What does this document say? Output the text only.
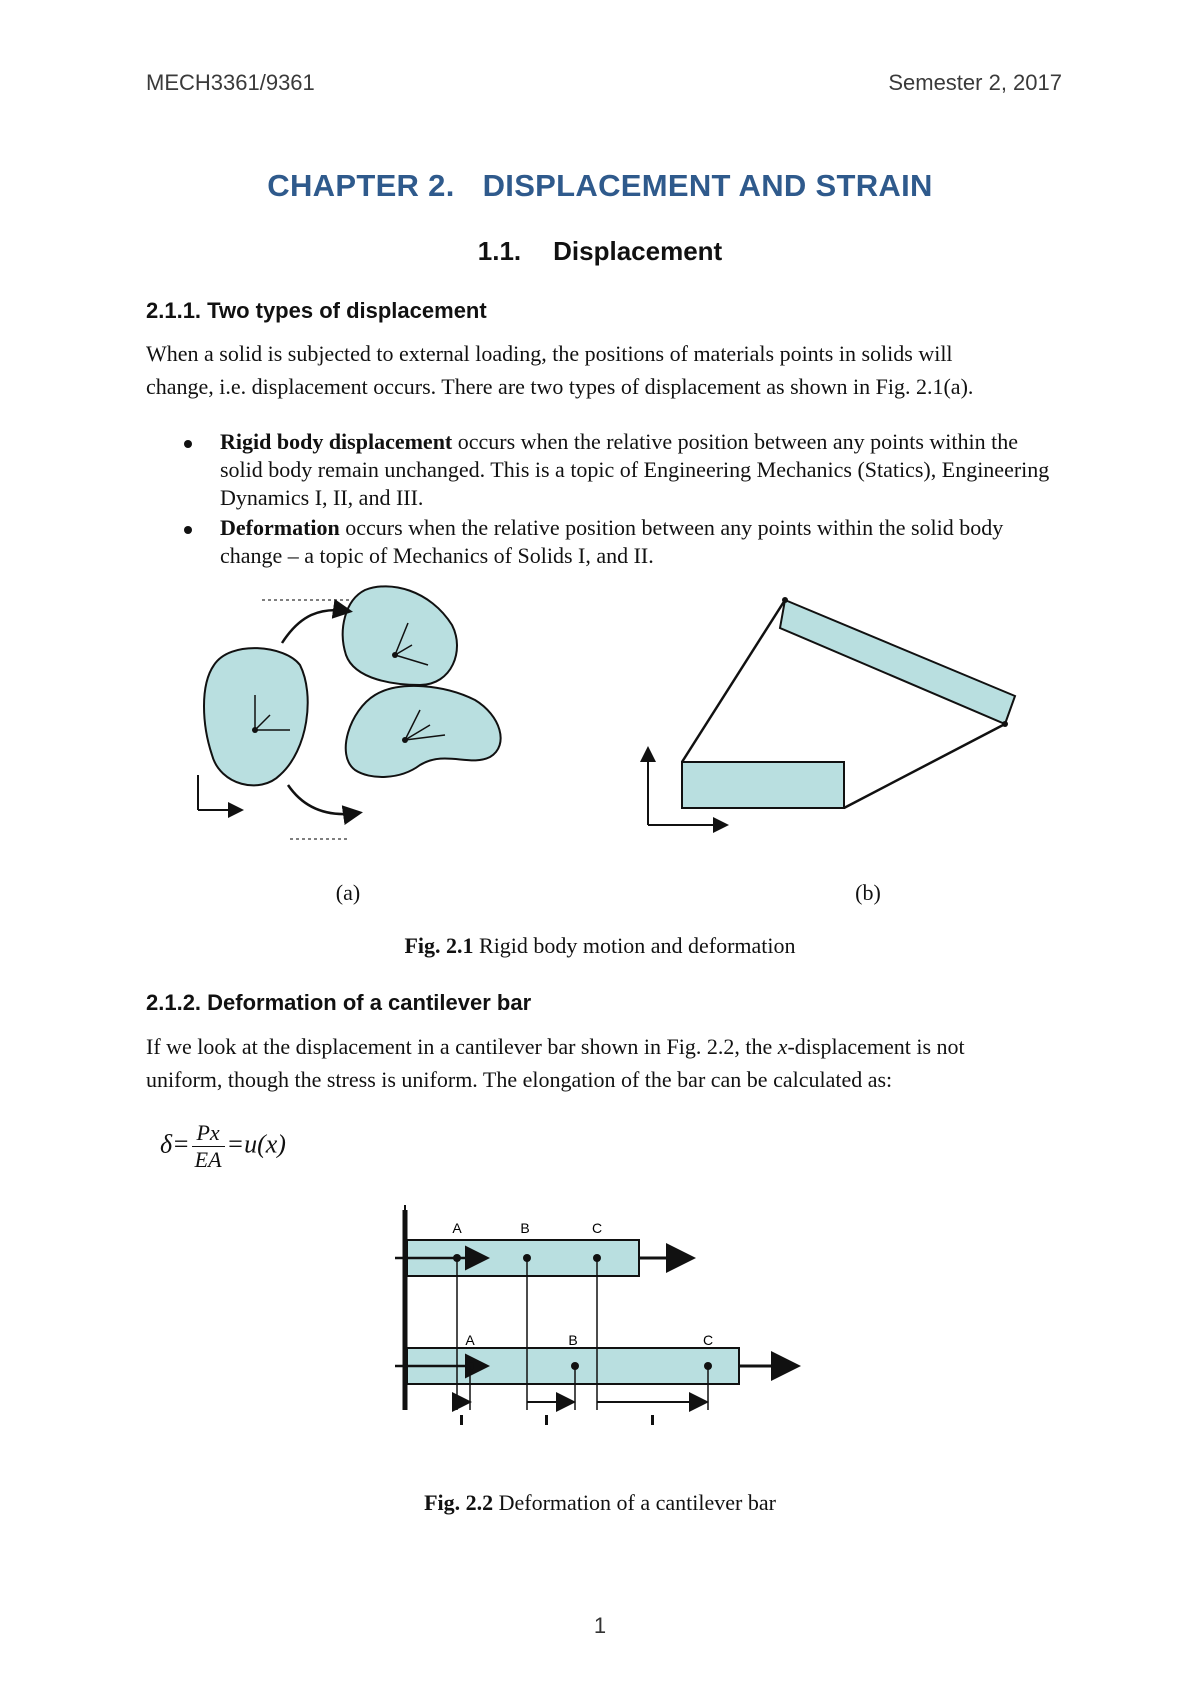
MECH3361/9361	Semester 2, 2017
CHAPTER 2. DISPLACEMENT AND STRAIN
1.1. Displacement
2.1.1. Two types of displacement
When a solid is subjected to external loading, the positions of materials points in solids will
change, i.e. displacement occurs. There are two types of displacement as shown in Fig. 2.1(a).
Rigid body displacement occurs when the relative position between any points within the solid body remain unchanged. This is a topic of Engineering Mechanics (Statics), Engineering Dynamics I, II, and III.
Deformation occurs when the relative position between any points within the solid body change – a topic of Mechanics of Solids I, and II.
(a)	(b)
Fig. 2.1 Rigid body motion and deformation
2.1.2. Deformation of a cantilever bar
If we look at the displacement in a cantilever bar shown in Fig. 2.2, the x-displacement is not
uniform, though the stress is uniform. The elongation of the bar can be calculated as:
$\delta= \frac{Px}{EA} =u(x)$
A	B	C
A	B	C
Fig. 2.2 Deformation of a cantilever bar
1
